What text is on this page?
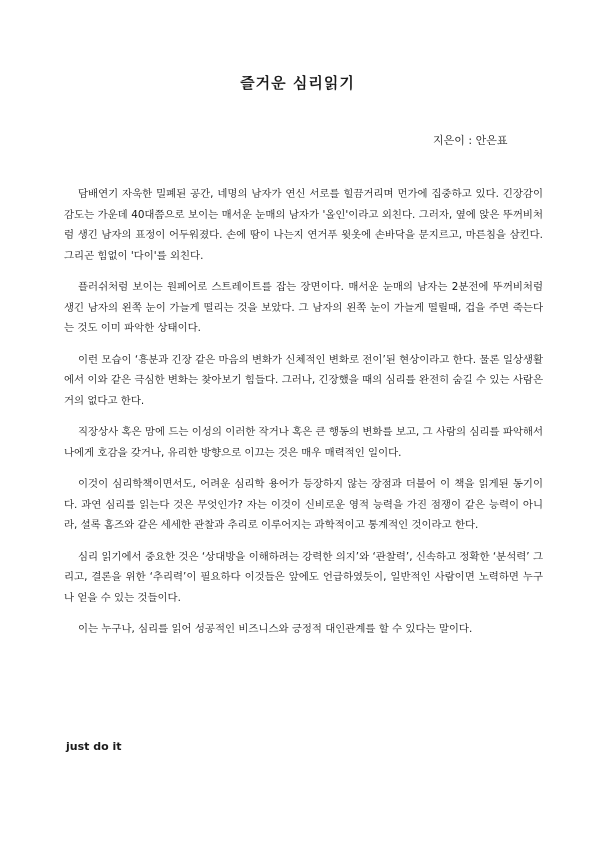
즐거운 심리읽기
지은이 : 안은표

담배연기 자욱한 밀폐된 공간, 네명의 남자가 연신 서로를 힐끔거리며 먼가에 집중하고 있다. 긴장감이 감도는 가운데 40대쯤으로 보이는 매서운 눈매의 남자가 '올인'이라고 외친다. 그러자, 옆에 앉은 뚜꺼비처럼 생긴 남자의 표정이 어두워졌다. 손에 땀이 나는지 연거푸 윗옷에 손바닥을 문지르고, 마른침을 삼킨다. 그리곤 힘없이 '다이'를 외친다.

플러쉬처럼 보이는 원페어로 스트레이트를 잡는 장면이다. 매서운 눈매의 남자는 2분전에 뚜꺼비처럼 생긴 남자의 왼쪽 눈이 가늘게 떨리는 것을 보았다. 그 남자의 왼쪽 눈이 가늘게 떨릴때, 겁을 주면 죽는다는 것도 이미 파악한 상태이다.

이런 모습이 ‘흥분과 긴장 같은 마음의 변화가 신체적인 변화로 전이’된 현상이라고 한다. 물론 일상생활에서 이와 같은 극심한 변화는 찾아보기 힘들다. 그러나, 긴장했을 때의 심리를 완전히 숨길 수 있는 사람은 거의 없다고 한다.

직장상사 혹은 맘에 드는 이성의 이러한 작거나 혹은 큰 행동의 변화를 보고, 그 사람의 심리를 파악해서 나에게 호감을 갖거나, 유리한 방향으로 이끄는 것은 매우 매력적인 일이다.

이것이 심리학책이면서도, 어려운 심리학 용어가 등장하지 않는 장점과 더불어 이 책을 읽게된 동기이다. 과연 심리를 읽는다 것은 무엇인가? 자는 이것이 신비로운 영적 능력을 가진 점쟁이 같은 능력이 아니라, 셜록 홈즈와 같은 세세한 관찰과 추리로 이루어지는 과학적이고 통계적인 것이라고 한다.

심리 읽기에서 중요한 것은 ‘상대방을 이해하려는 강력한 의지’와 ‘관찰력’, 신속하고 정확한 ‘분석력’ 그리고, 결론을 위한 ‘추리력’이 필요하다 이것들은 앞에도 언급하였듯이, 일반적인 사람이면 노력하면 누구나 얻을 수 있는 것들이다.

이는 누구나, 심리를 읽어 성공적인 비즈니스와 긍정적 대인관계를 할 수 있다는 말이다.

just do it
